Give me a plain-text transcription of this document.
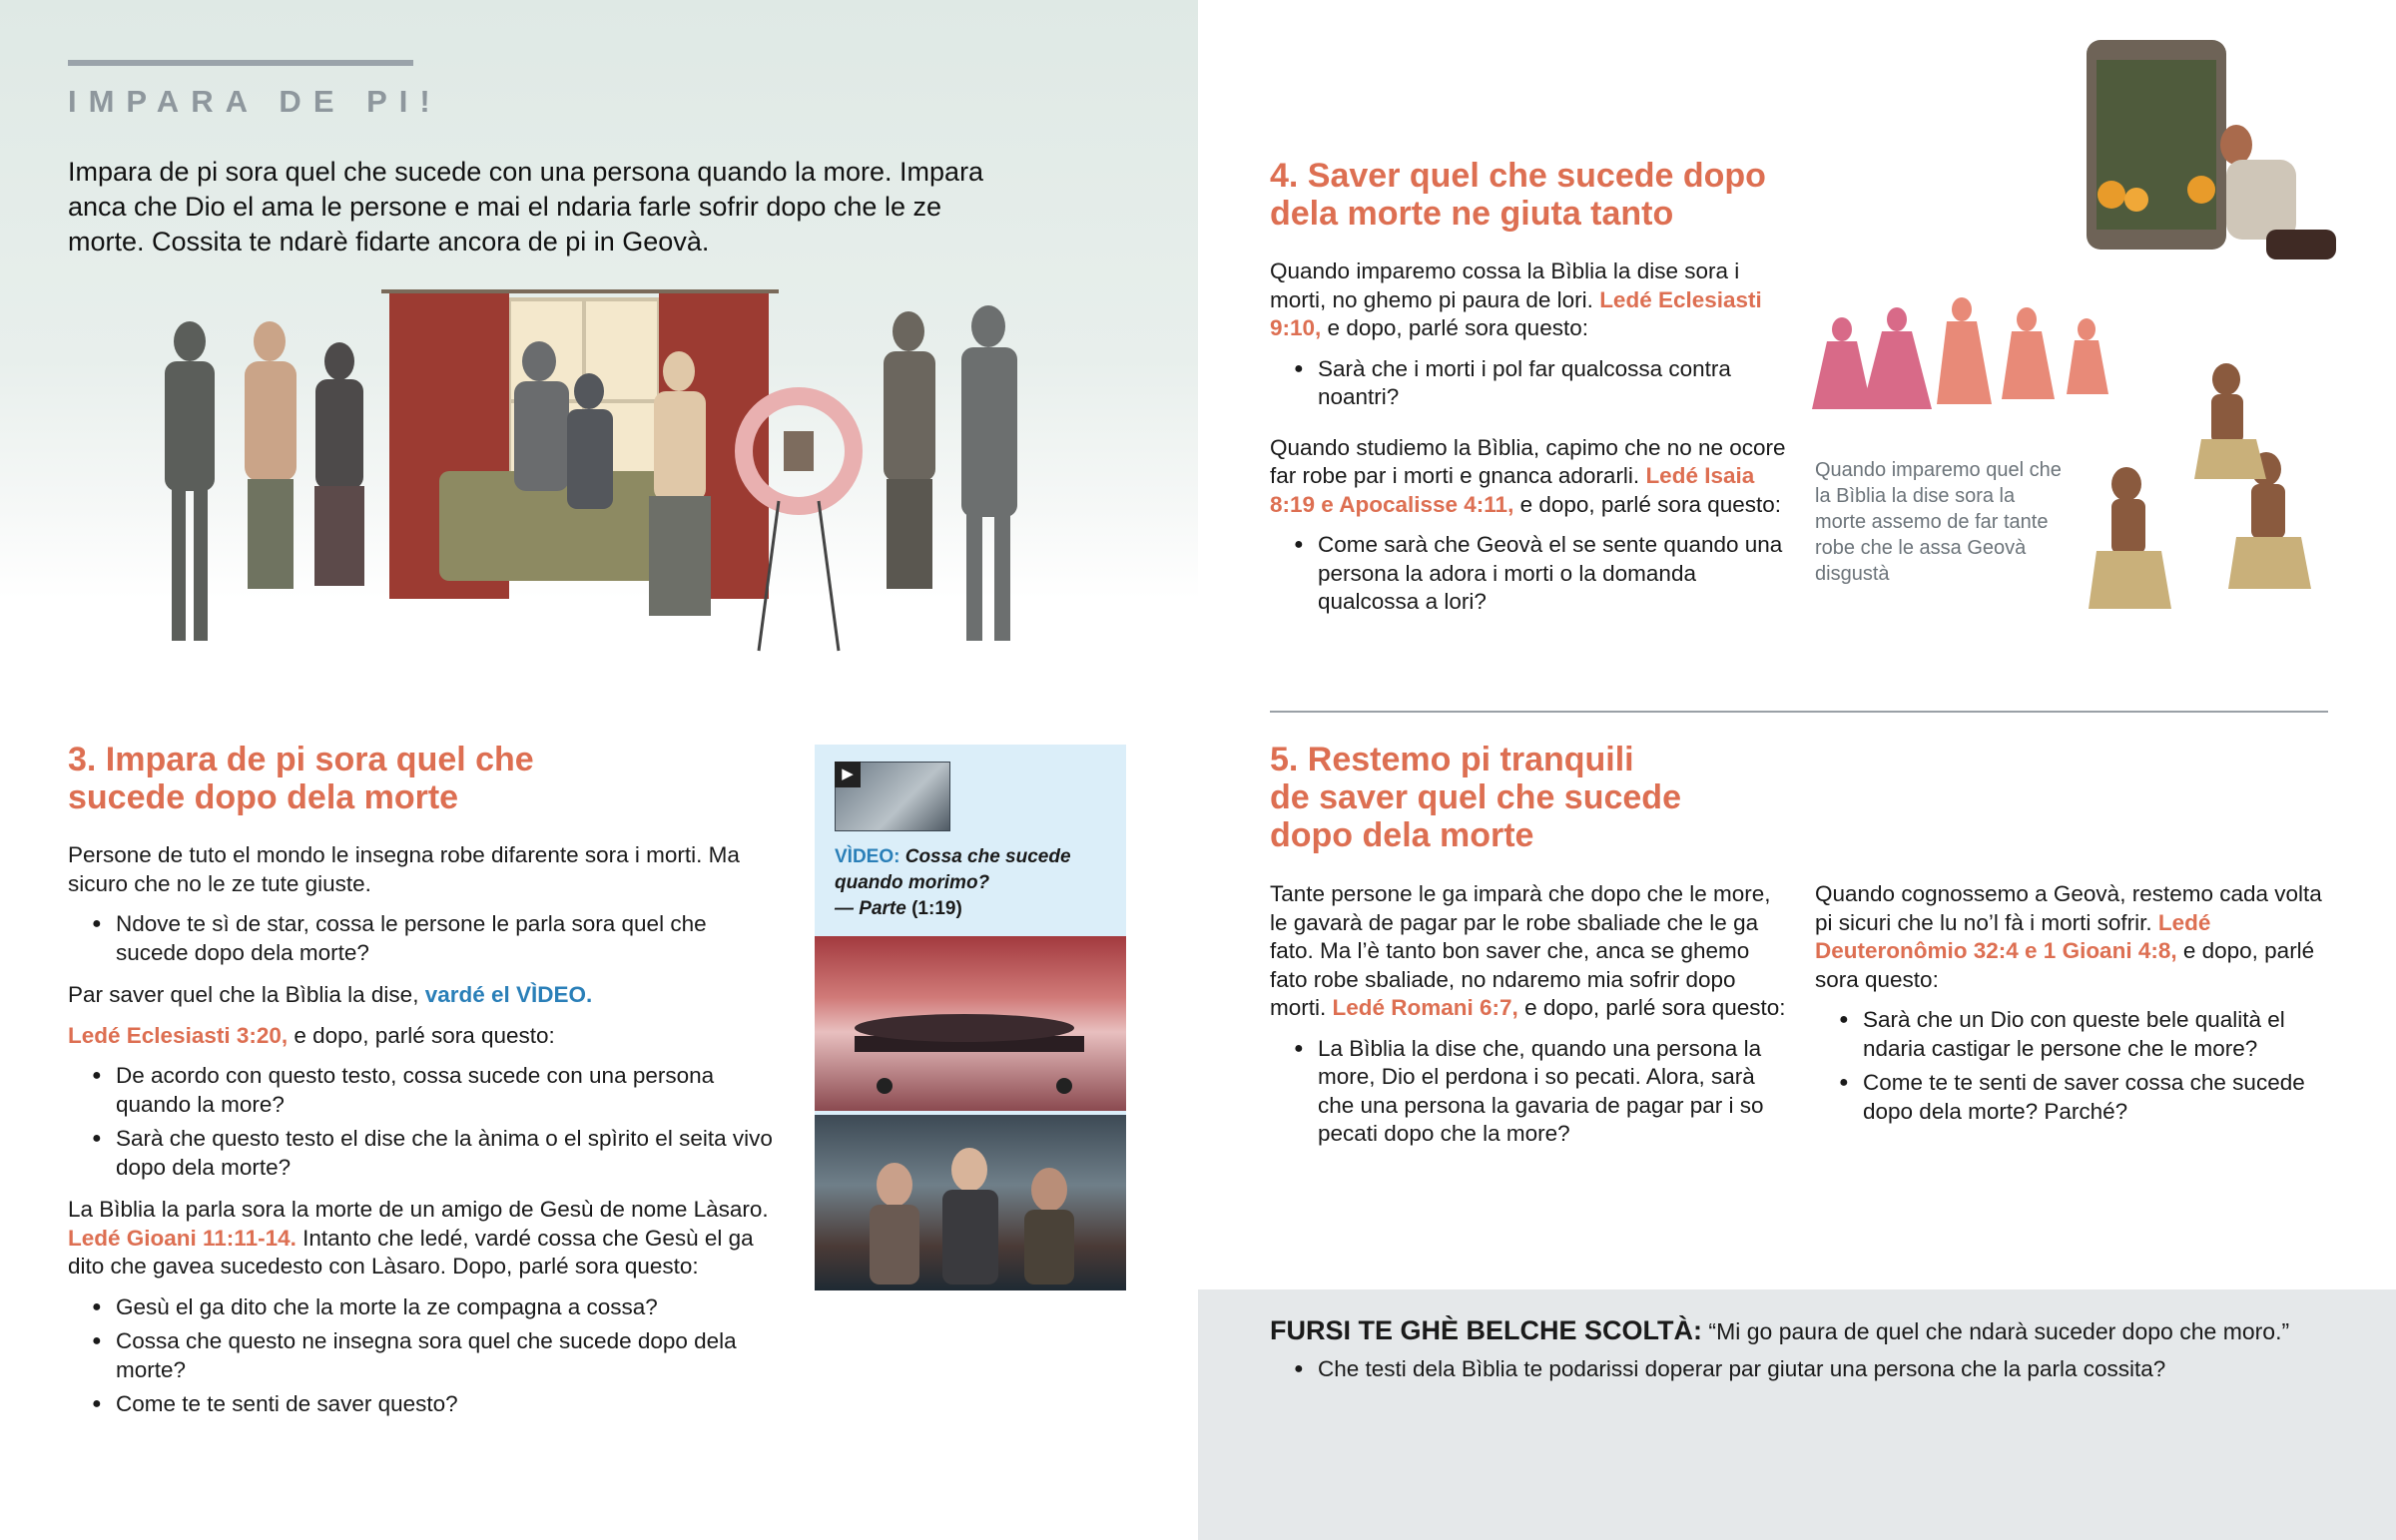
IMPARA DE PI!
Impara de pi sora quel che sucede con una persona quando la more. Impara anca che Dio el ama le persone e mai el ndaria farle sofrir dopo che le ze morte. Cossita te ndarè fidarte ancora de pi in Geovà.
3. Impara de pi sora quel che
sucede dopo dela morte

Persone de tuto el mondo le insegna robe difarente sora i morti. Ma sicuro che no le ze tute giuste.

● Ndove te sì de star, cossa le persone le parla sora quel che sucede dopo dela morte?

Par saver quel che la Bìblia la dise, vardé el VÌDEO.

Ledé Eclesiasti 3:20, e dopo, parlé sora questo:

● De acordo con questo testo, cossa sucede con una persona quando la more?
● Sarà che questo testo el dise che la ànima o el spìrito el seita vivo dopo dela morte?

La Bìblia la parla sora la morte de un amigo de Gesù de nome Làsaro. Ledé Gioani 11:11-14. Intanto che ledé, vardé cossa che Gesù el ga dito che gavea sucedesto con Làsaro. Dopo, parlé sora questo:

● Gesù el ga dito che la morte la ze compagna a cossa?
● Cossa che questo ne insegna sora quel che sucede dopo dela morte?
● Come te te senti de saver questo?
▶
VÌDEO: Cossa che sucede quando morimo?
— Parte (1:19)
4. Saver quel che sucede dopo
dela morte ne giuta tanto

Quando imparemo cossa la Bìblia la dise sora i morti, no ghemo pi paura de lori. Ledé Eclesiasti 9:10, e dopo, parlé sora questo:

● Sarà che i morti i pol far qualcossa contra noantri?

Quando studiemo la Bìblia, capimo che no ne ocore far robe par i morti e gnanca adorarli. Ledé Isaia 8:19 e Apocalisse 4:11, e dopo, parlé sora questo:

● Come sarà che Geovà el se sente quando una persona la adora i morti o la domanda qualcossa a lori?
Quando imparemo quel che la Bìblia la dise sora la morte assemo de far tante robe che le assa Geovà disgustà
5. Restemo pi tranquili
de saver quel che sucede
dopo dela morte

Tante persone le ga imparà che dopo che le more, le gavarà de pagar par le robe sbaliade che le ga fato. Ma l’è tanto bon saver che, anca se ghemo fato robe sbaliade, no ndaremo mia sofrir dopo morti. Ledé Romani 6:7, e dopo, parlé sora questo:

● La Bìblia la dise che, quando una persona la more, Dio el perdona i so pecati. Alora, sarà che una persona la gavaria de pagar par i so pecati dopo che la more?

Quando cognossemo a Geovà, restemo cada volta pi sicuri che lu no’l fà i morti sofrir. Ledé Deuteronômio 32:4 e 1 Gioani 4:8, e dopo, parlé sora questo:

● Sarà che un Dio con queste bele qualità el ndaria castigar le persone che le more?
● Come te te senti de saver cossa che sucede dopo dela morte? Parché?
FURSI TE GHÈ BELCHE SCOLTÀ: “Mi go paura de quel che ndarà suceder dopo che moro.”
● Che testi dela Bìblia te podarissi doperar par giutar una persona che la parla cossita?
